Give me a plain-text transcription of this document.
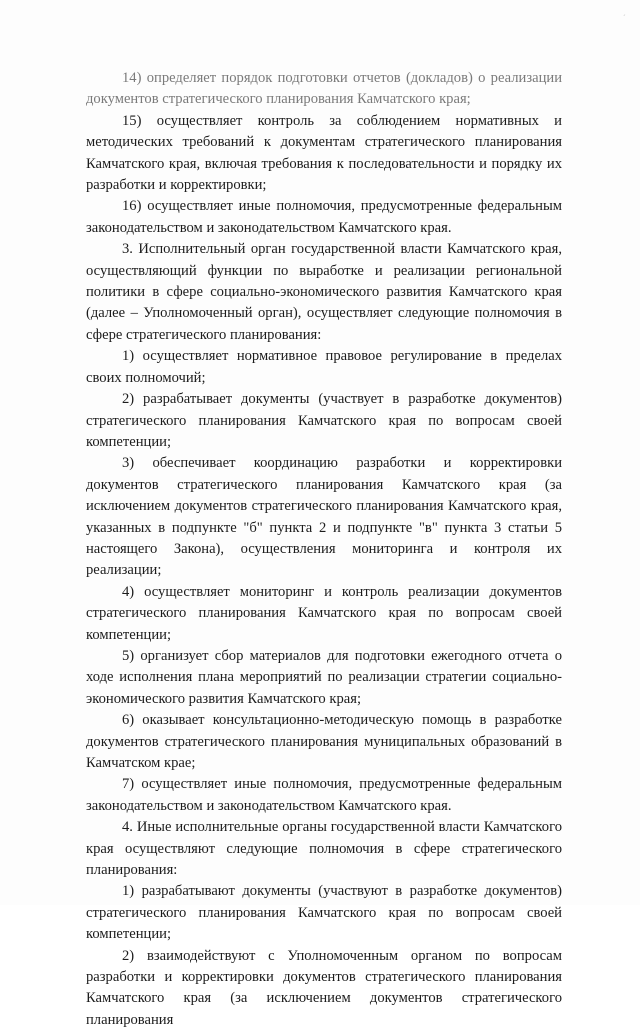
´

14) определяет порядок подготовки отчетов (докладов) о реализации документов стратегического планирования Камчатского края;

15) осуществляет контроль за соблюдением нормативных и методических требований к документам стратегического планирования Камчатского края, включая требования к последовательности и порядку их разработки и корректировки;

16) осуществляет иные полномочия, предусмотренные федеральным законодательством и законодательством Камчатского края.

3. Исполнительный орган государственной власти Камчатского края, осуществляющий функции по выработке и реализации региональной политики в сфере социально-экономического развития Камчатского края (далее – Уполномоченный орган), осуществляет следующие полномочия в сфере стратегического планирования:

1) осуществляет нормативное правовое регулирование в пределах своих полномочий;

2) разрабатывает документы (участвует в разработке документов) стратегического планирования Камчатского края по вопросам своей компетенции;

3) обеспечивает координацию разработки и корректировки документов стратегического планирования Камчатского края (за исключением документов стратегического планирования Камчатского края, указанных в подпункте "б" пункта 2 и подпункте "в" пункта 3 статьи 5 настоящего Закона), осуществления мониторинга и контроля их реализации;

4) осуществляет мониторинг и контроль реализации документов стратегического планирования Камчатского края по вопросам своей компетенции;

5) организует сбор материалов для подготовки ежегодного отчета о ходе исполнения плана мероприятий по реализации стратегии социально-экономического развития Камчатского края;

6) оказывает консультационно-методическую помощь в разработке документов стратегического планирования муниципальных образований в Камчатском крае;

7) осуществляет иные полномочия, предусмотренные федеральным законодательством и законодательством Камчатского края.

4. Иные исполнительные органы государственной власти Камчатского края осуществляют следующие полномочия в сфере стратегического планирования:

1) разрабатывают документы (участвуют в разработке документов) стратегического планирования Камчатского края по вопросам своей компетенции;

2) взаимодействуют с Уполномоченным органом по вопросам разработки и корректировки документов стратегического планирования Камчатского края (за исключением документов стратегического планирования
